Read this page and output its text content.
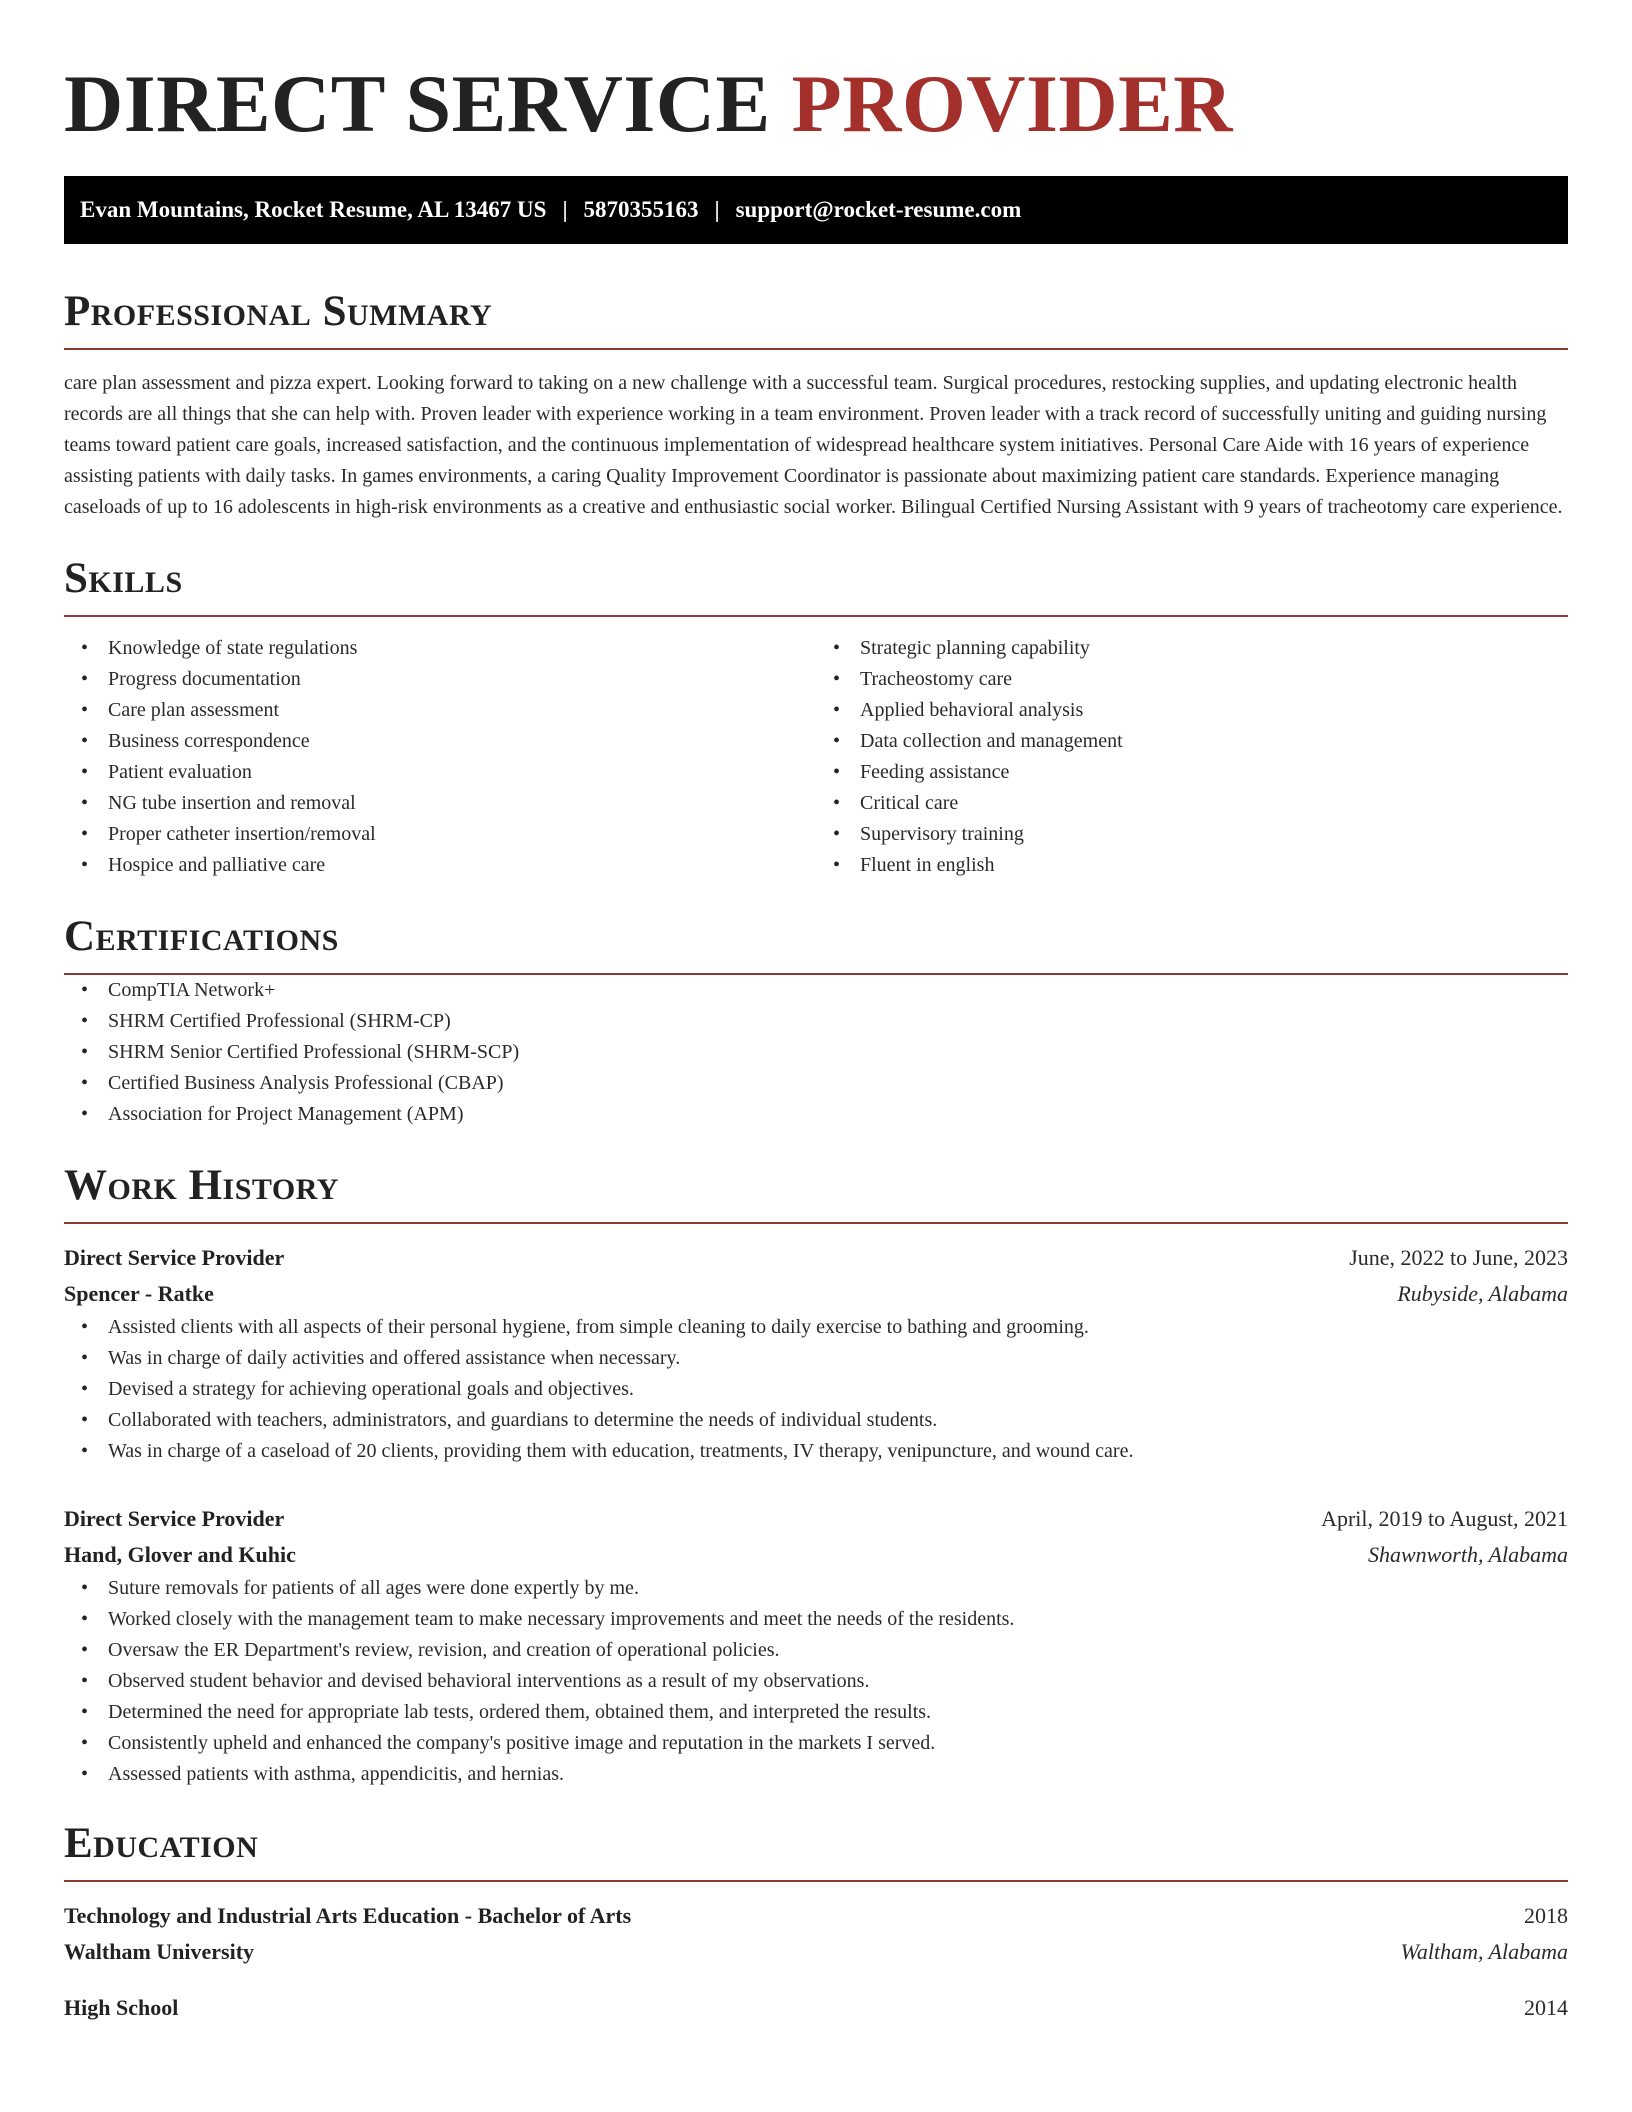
DIRECT SERVICE PROVIDER
Evan Mountains, Rocket Resume, AL 13467 US | 5870355163 | support@rocket-resume.com
Professional Summary

care plan assessment and pizza expert. Looking forward to taking on a new challenge with a successful team. Surgical procedures, restocking supplies, and updating electronic health records are all things that she can help with. Proven leader with experience working in a team environment. Proven leader with a track record of successfully uniting and guiding nursing teams toward patient care goals, increased satisfaction, and the continuous implementation of widespread healthcare system initiatives. Personal Care Aide with 16 years of experience assisting patients with daily tasks. In games environments, a caring Quality Improvement Coordinator is passionate about maximizing patient care standards. Experience managing caseloads of up to 16 adolescents in high-risk environments as a creative and enthusiastic social worker. Bilingual Certified Nursing Assistant with 9 years of tracheotomy care experience.

Skills
• Knowledge of state regulations
• Progress documentation
• Care plan assessment
• Business correspondence
• Patient evaluation
• NG tube insertion and removal
• Proper catheter insertion/removal
• Hospice and palliative care
• Strategic planning capability
• Tracheostomy care
• Applied behavioral analysis
• Data collection and management
• Feeding assistance
• Critical care
• Supervisory training
• Fluent in english
Certifications
• CompTIA Network+
• SHRM Certified Professional (SHRM-CP)
• SHRM Senior Certified Professional (SHRM-SCP)
• Certified Business Analysis Professional (CBAP)
• Association for Project Management (APM)
Work History
Direct Service Provider	June, 2022 to June, 2023
Spencer - Ratke	Rubyside, Alabama
• Assisted clients with all aspects of their personal hygiene, from simple cleaning to daily exercise to bathing and grooming.
• Was in charge of daily activities and offered assistance when necessary.
• Devised a strategy for achieving operational goals and objectives.
• Collaborated with teachers, administrators, and guardians to determine the needs of individual students.
• Was in charge of a caseload of 20 clients, providing them with education, treatments, IV therapy, venipuncture, and wound care.
Direct Service Provider	April, 2019 to August, 2021
Hand, Glover and Kuhic	Shawnworth, Alabama
• Suture removals for patients of all ages were done expertly by me.
• Worked closely with the management team to make necessary improvements and meet the needs of the residents.
• Oversaw the ER Department's review, revision, and creation of operational policies.
• Observed student behavior and devised behavioral interventions as a result of my observations.
• Determined the need for appropriate lab tests, ordered them, obtained them, and interpreted the results.
• Consistently upheld and enhanced the company's positive image and reputation in the markets I served.
• Assessed patients with asthma, appendicitis, and hernias.
Education
Technology and Industrial Arts Education - Bachelor of Arts	2018
Waltham University	Waltham, Alabama
High School	2014
